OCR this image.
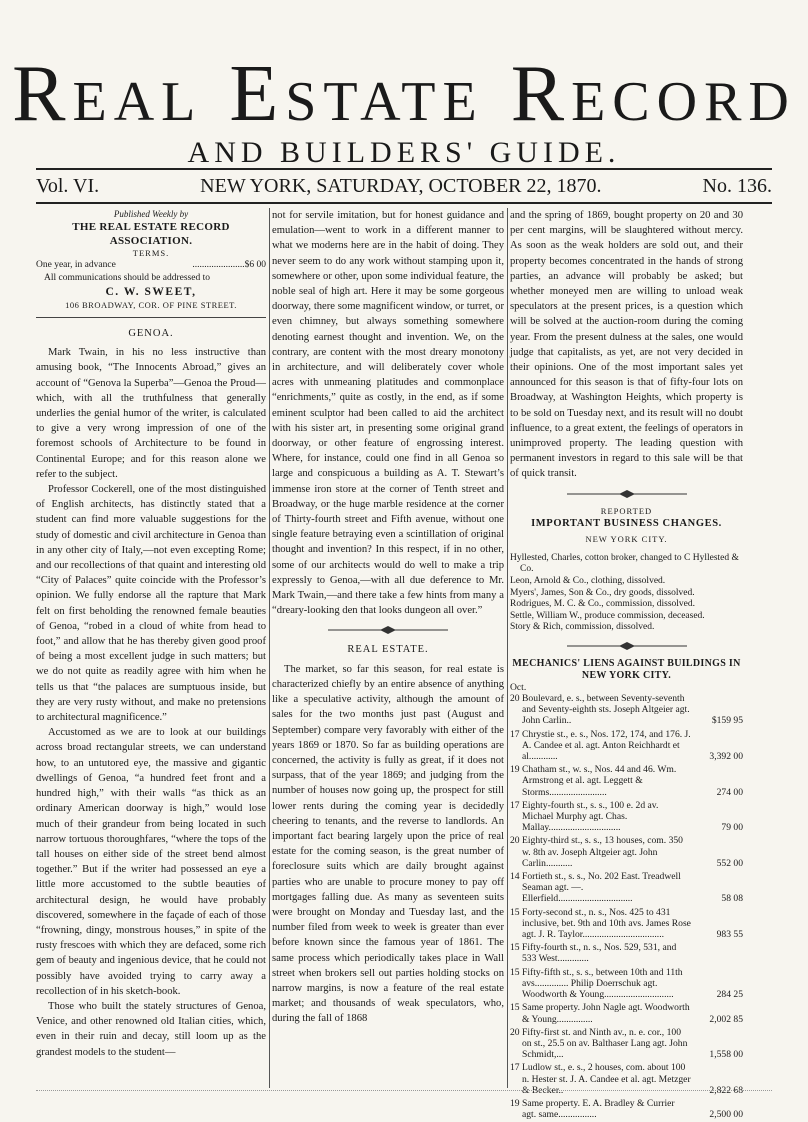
Real Estate Record
AND BUILDERS' GUIDE.
Vol. VI.	NEW YORK, SATURDAY, OCTOBER 22, 1870.	No. 136.
Published Weekly by
THE REAL ESTATE RECORD ASSOCIATION.
TERMS.
One year, in advance	...................... $6 00
All communications should be addressed to
C. W. SWEET,
106 BROADWAY, COR. OF PINE STREET.
GENOA.

Mark Twain, in his no less instructive than amusing book, “The Innocents Abroad,” gives an account of “Genova la Superba”—Genoa the Proud—which, with all the truthfulness that generally underlies the genial humor of the writer, is calculated to give a very wrong impression of one of the foremost schools of Architecture to be found in Continental Europe; and for this reason alone we refer to the subject.

Professor Cockerell, one of the most distinguished of English architects, has distinctly stated that a student can find more valuable suggestions for the study of domestic and civil architecture in Genoa than in any other city of Italy,—not even excepting Rome; and our recollections of that quaint and interesting old “City of Palaces” quite coincide with the Professor’s opinion. We fully endorse all the rapture that Mark felt on first beholding the renowned female beauties of Genoa, “robed in a cloud of white from head to foot,” and allow that he has thereby given good proof of being a most excellent judge in such matters; but we do not quite as readily agree with him when he tells us that “the palaces are sumptuous inside, but they are very rusty without, and make no pretensions to architectural magnificence.”

Accustomed as we are to look at our buildings across broad rectangular streets, we can understand how, to an untutored eye, the massive and gigantic dwellings of Genoa, “a hundred feet front and a hundred high,” with their walls “as thick as an ordinary American doorway is high,” would lose much of their grandeur from being located in such narrow tortuous thoroughfares, “where the tops of the tall houses on either side of the street bend almost together.” But if the writer had possessed an eye a little more accustomed to the subtle beauties of architectural design, he would have probably discovered, somewhere in the façade of each of those “frowning, dingy, monstrous houses,” in spite of the rusty frescoes with which they are defaced, some rich gem of beauty and ingenious device, that he could not possibly have avoided trying to carry away a recollection of in his sketch-book.

Those who built the stately structures of Genoa, Venice, and other renowned old Italian cities, which, even in their ruin and decay, still loom up as the grandest models to the student—

not for servile imitation, but for honest guidance and emulation—went to work in a different manner to what we moderns here are in the habit of doing. They never seem to do any work without stamping upon it, somewhere or other, upon some individual feature, the noble seal of high art. Here it may be some gorgeous doorway, there some magnificent window, or turret, or even chimney, but always something somewhere denoting earnest thought and invention. We, on the contrary, are content with the most dreary monotony in architecture, and will deliberately cover whole acres with unmeaning platitudes and commonplace “enrichments,” quite as costly, in the end, as if some eminent sculptor had been called to aid the architect with his sister art, in presenting some original grand doorway, or other feature of engrossing interest. Where, for instance, could one find in all Genoa so large and conspicuous a building as A. T. Stewart’s immense iron store at the corner of Tenth street and Broadway, or the huge marble residence at the corner of Thirty-fourth street and Fifth avenue, without one single feature betraying even a scintillation of original thought and invention? In this respect, if in no other, some of our architects would do well to make a trip expressly to Genoa,—with all due deference to Mr. Mark Twain,—and there take a few hints from many a “dreary-looking den that looks dungeon all over.”

REAL ESTATE.

The market, so far this season, for real estate is characterized chiefly by an entire absence of anything like a speculative activity, although the amount of sales for the two months just past (August and September) compare very favorably with either of the years 1869 or 1870. So far as building operations are concerned, the activity is fully as great, if it does not surpass, that of the year 1869; and judging from the number of houses now going up, the prospect for still lower rents during the coming year is decidedly cheering to tenants, and the reverse to landlords. An important fact bearing largely upon the price of real estate for the coming season, is the great number of foreclosure suits which are daily brought against parties who are unable to procure money to pay off mortgages falling due. As many as seventeen suits were brought on Monday and Tuesday last, and the number filed from week to week is greater than ever before known since the famous year of 1861. The same process which periodically takes place in Wall street when brokers sell out parties holding stocks on narrow margins, is now a feature of the real estate market; and thousands of weak speculators, who, during the fall of 1868

and the spring of 1869, bought property on 20 and 30 per cent margins, will be slaughtered without mercy. As soon as the weak holders are sold out, and their property becomes concentrated in the hands of strong parties, an advance will probably be asked; but whether moneyed men are willing to unload weak speculators at the present prices, is a question which will be solved at the auction-room during the coming year. From the present dulness at the sales, one would judge that capitalists, as yet, are not very decided in their opinions. One of the most important sales yet announced for this season is that of fifty-four lots on Broadway, at Washington Heights, which property is to be sold on Tuesday next, and its result will no doubt influence, to a great extent, the feelings of operators in unimproved property. The leading question with permanent investors in regard to this sale will be that of quick transit.

REPORTED
IMPORTANT BUSINESS CHANGES.
NEW YORK CITY.
Hyllested, Charles, cotton broker, changed to C Hyllested & Co.
Leon, Arnold & Co., clothing, dissolved.
Myers', James, Son & Co., dry goods, dissolved.
Rodrigues, M. C. & Co., commission, dissolved.
Settle, William W., produce commission, deceased.
Story & Rich, commission, dissolved.
MECHANICS' LIENS AGAINST BUILDINGS IN NEW YORK CITY.
Oct.
20 Boulevard, e. s., between Seventy-seventh and Seventy-eighth sts. Joseph Altgeier agt. John Carlin..	$159 95
17 Chrystie st., e. s., Nos. 172, 174, and 176. J. A. Candee et al. agt. Anton Reichhardt et al............	3,392 00
19 Chatham st., w. s., Nos. 44 and 46. Wm. Armstrong et al. agt. Leggett & Storms........................	274 00
17 Eighty-fourth st., s. s., 100 e. 2d av. Michael Murphy agt. Chas. Mallay..............................	79 00
20 Eighty-third st., s. s., 13 houses, com. 350 w. 8th av. Joseph Altgeier agt. John Carlin...........	552 00
14 Fortieth st., s. s., No. 202 East. Treadwell Seaman agt. —. Ellerfield...............................	58 08
15 Forty-second st., n. s., Nos. 425 to 431 inclusive, bet. 9th and 10th avs. James Rose agt. J. R. Taylor..................................	983 55
15 Fifty-fourth st., n. s., Nos. 529, 531, and 533 West.............
15 Fifty-fifth st., s. s., between 10th and 11th avs.............. Philip Doerrschuk agt. Woodworth & Young.............................	284 25
15 Same property. John Nagle agt. Woodworth & Young...............	2,002 85
20 Fifty-first st. and Ninth av., n. e. cor., 100 on st., 25.5 on av. Balthaser Lang agt. John Schmidt,...	1,558 00
17 Ludlow st., e. s., 2 houses, com. about 100 n. Hester st. J. A. Candee et al. agt. Metzger & Becker..	2,822 68
19 Same property. E. A. Bradley & Currier agt. same................	2,500 00
